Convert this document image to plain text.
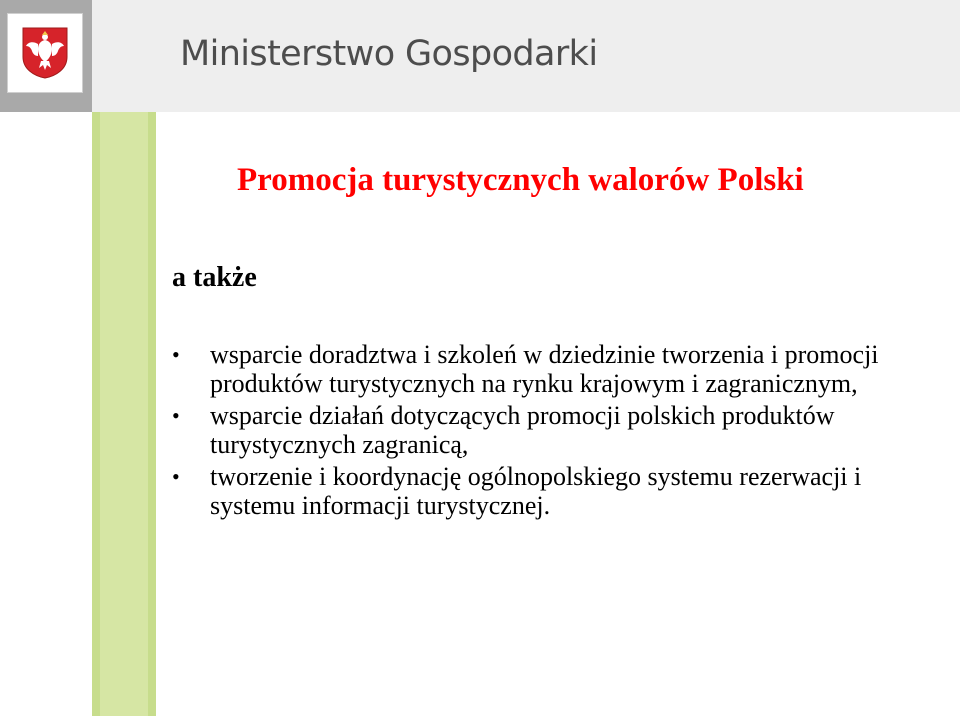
Ministerstwo Gospodarki
Promocja turystycznych walorów Polski
a także
•	wsparcie doradztwa i szkoleń w dziedzinie tworzenia i promocji produktów turystycznych na rynku krajowym i zagranicznym,
•	wsparcie działań dotyczących promocji polskich produktów turystycznych zagranicą,
•	tworzenie i koordynację ogólnopolskiego systemu rezerwacji i systemu informacji turystycznej.
